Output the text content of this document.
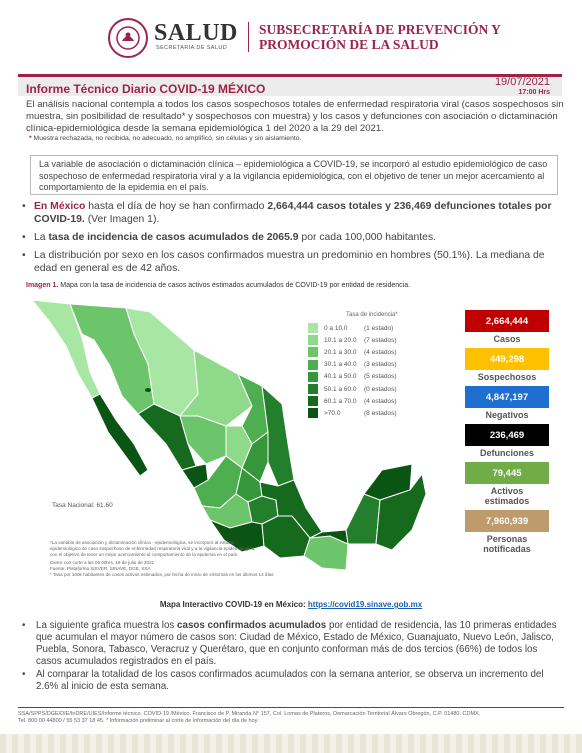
SALUD
SECRETARÍA DE SALUD
SUBSECRETARÍA DE PREVENCIÓN Y
PROMOCIÓN DE LA SALUD
Informe Técnico Diario COVID-19 MÉXICO	19/07/2021
17:00 Hrs
El análisis nacional contempla a todos los casos sospechosos totales de enfermedad respiratoria viral (casos sospechosos sin muestra, sin posibilidad de resultado* y sospechosos con muestra) y los casos y defunciones con asociación o dictaminación clínica-epidemiológica desde la semana epidemiológica 1 del 2020 a la 29 del 2021.
* Muestra rechazada, no recibida, no adecuado, no amplificó, sin células y sin aislamiento.
La variable de asociación o dictaminación clínica – epidemiológica a COVID-19, se incorporó al estudio epidemiológico de caso sospechoso de enfermedad respiratoria viral y a la vigilancia epidemiológica, con el objetivo de tener un mejor acercamiento al comportamiento de la epidemia en el país.
• En México hasta el día de hoy se han confirmado 2,664,444 casos totales y 236,469 defunciones totales por COVID-19. (Ver Imagen 1).
• La tasa de incidencia de casos acumulados de 2065.9 por cada 100,000 habitantes.
• La distribución por sexo en los casos confirmados muestra un predominio en hombres (50.1%). La mediana de edad en general es de 42 años.
Imagen 1. Mapa con la tasa de incidencia de casos activos estimados acumulados de COVID-19 por entidad de residencia.
Tasa de incidencia*
0 a 10.0	(1 estado)
10.1 a 20.0	(7 estados)
20.1 a 30.0	(4 estados)
30.1 a 40.0	(3 estados)
40.1 a 50.0	(5 estados)
50.1 a 60.0	(0 estados)
60.1 a 70.0	(4 estados)
>70.0	(8 estados)
Tasa Nacional: 61.60
*La variable de asociación y dictaminación clínica - epidemiológica, se incorporó al estudio
epidemiológico de caso sospechoso de enfermedad respiratoria viral y a la vigilancia epidemiológica,
con el objetivo de tener un mejor acercamiento al comportamiento de la epidemia en el país.
Cierre con corte a las 06:00hrs, 19 de julio de 2021
Fuente: Plataforma SISVER, SINAVE, DGE, SSA
* Tasa por 100k habitantes de casos activos estimados, por fecha de inicio de síntomas en los últimos 14 días
2,664,444
Casos
449,298
Sospechosos
4,847,197
Negativos
236,469
Defunciones
79,445
Activos estimados
7,960,939
Personas notificadas
Mapa Interactivo COVID-19 en México: https://covid19.sinave.gob.mx
• La siguiente grafica muestra los casos confirmados acumulados por entidad de residencia, las 10 primeras entidades que acumulan el mayor número de casos son: Ciudad de México, Estado de México, Guanajuato, Nuevo León, Jalisco, Puebla, Sonora, Tabasco, Veracruz y Querétaro, que en conjunto conforman más de dos tercios (66%) de todos los casos acumulados registrados en el país.
• Al comparar la totalidad de los casos confirmados acumulados con la semana anterior, se observa un incremento del 2.6% al inicio de esta semana.
SSA/SPPS/DGE/DIE/InDRE/UIES/Informe técnico. COVID-19 /México. Francisco de P. Miranda N° 157, Col. Lomas de Plateros, Demarcación Territorial Álvaro Obregón, C.P. 01480. CDMX.
Tel. 800 00 44800 / 55 53 37 18 45. * Información preliminar al corte de información del día de hoy.
